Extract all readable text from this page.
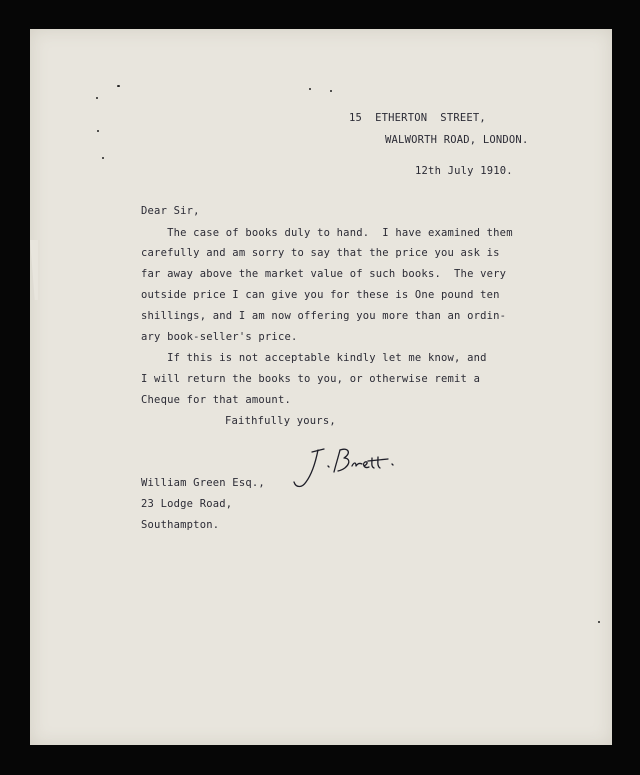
15  ETHERTON  STREET,
WALWORTH ROAD, LONDON.
12th July 1910.
Dear Sir,
The case of books duly to hand.  I have examined them
carefully and am sorry to say that the price you ask is
far away above the market value of such books.  The very
outside price I can give you for these is One pound ten
shillings, and I am now offering you more than an ordin-
ary book-seller's price.
If this is not acceptable kindly let me know, and
I will return the books to you, or otherwise remit a
Cheque for that amount.
Faithfully yours,
William Green Esq.,
23 Lodge Road,
Southampton.
